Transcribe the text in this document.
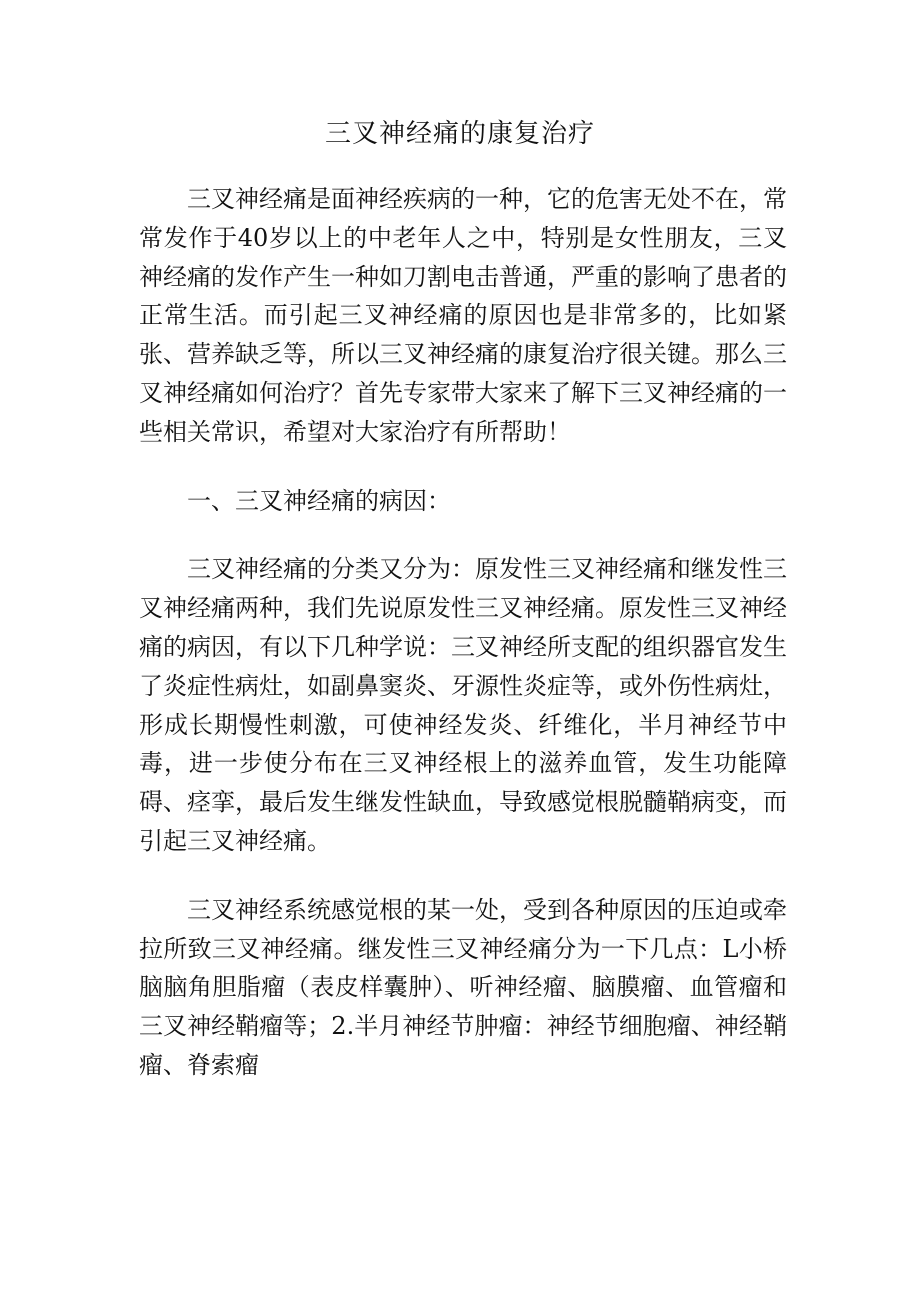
三叉神经痛的康复治疗

三叉神经痛是面神经疾病的一种，它的危害无处不在，常常发作于40岁以上的中老年人之中，特别是女性朋友，三叉神经痛的发作产生一种如刀割电击普通，严重的影响了患者的正常生活。而引起三叉神经痛的原因也是非常多的，比如紧张、营养缺乏等，所以三叉神经痛的康复治疗很关键。那么三叉神经痛如何治疗？首先专家带大家来了解下三叉神经痛的一些相关常识，希望对大家治疗有所帮助！

一、三叉神经痛的病因：

三叉神经痛的分类又分为：原发性三叉神经痛和继发性三叉神经痛两种，我们先说原发性三叉神经痛。原发性三叉神经痛的病因，有以下几种学说：三叉神经所支配的组织器官发生了炎症性病灶，如副鼻窦炎、牙源性炎症等，或外伤性病灶，形成长期慢性刺激，可使神经发炎、纤维化，半月神经节中毒，进一步使分布在三叉神经根上的滋养血管，发生功能障碍、痉挛，最后发生继发性缺血，导致感觉根脱髓鞘病变，而引起三叉神经痛。

三叉神经系统感觉根的某一处，受到各种原因的压迫或牵拉所致三叉神经痛。继发性三叉神经痛分为一下几点：L小桥脑脑角胆脂瘤（表皮样囊肿）、听神经瘤、脑膜瘤、血管瘤和三叉神经鞘瘤等；2.半月神经节肿瘤：神经节细胞瘤、神经鞘瘤、脊索瘤
